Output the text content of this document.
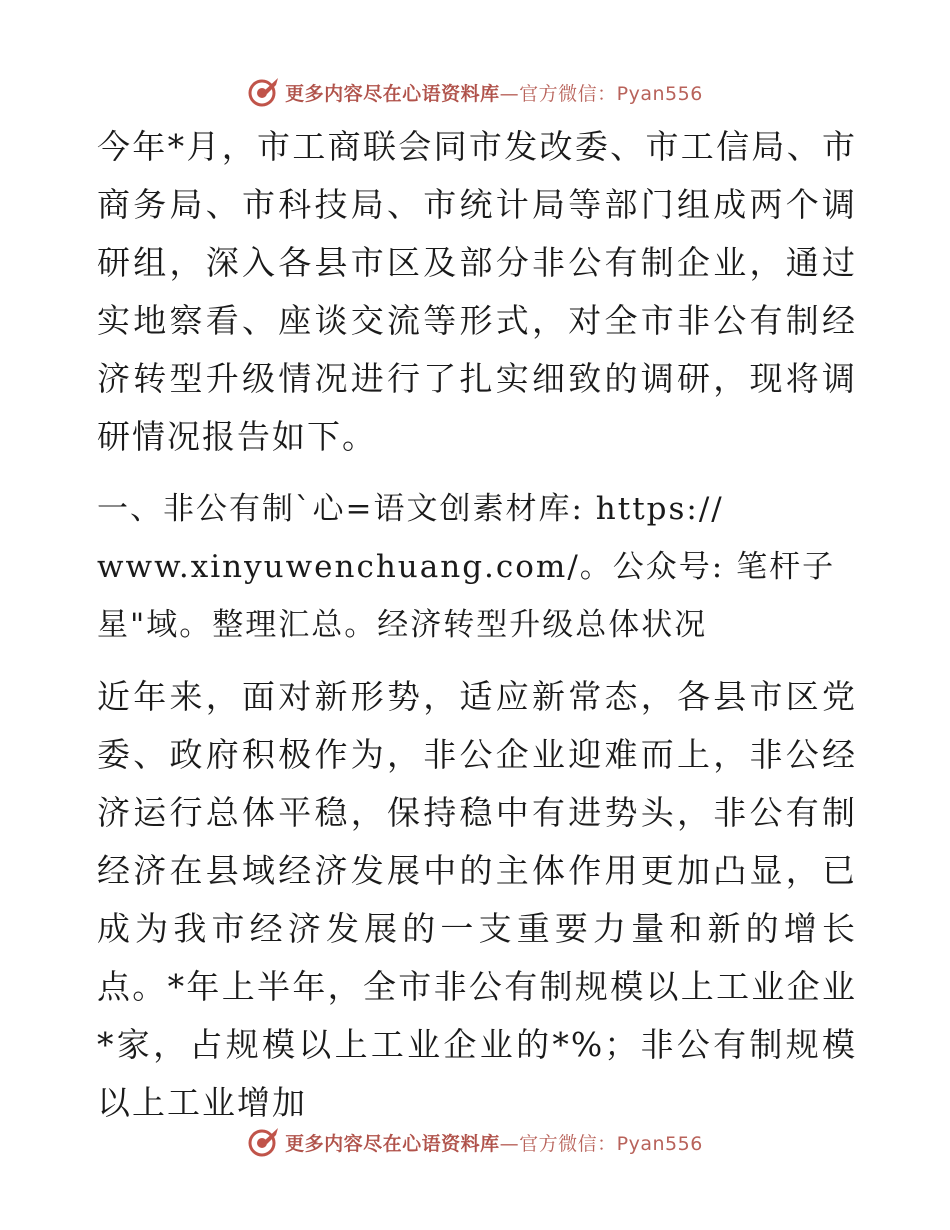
更多内容尽在心语资料库—官方微信：Pyan556

今年*月，市工商联会同市发改委、市工信局、市商务局、市科技局、市统计局等部门组成两个调研组，深入各县市区及部分非公有制企业，通过实地察看、座谈交流等形式，对全市非公有制经济转型升级情况进行了扎实细致的调研，现将调研情况报告如下。

一、非公有制`心=语文创素材库: https://

www.xinyuwenchuang.com/。公众号: 笔杆子

星"域。整理汇总。经济转型升级总体状况

近年来，面对新形势，适应新常态，各县市区党委、政府积极作为，非公企业迎难而上，非公经济运行总体平稳，保持稳中有进势头，非公有制经济在县域经济发展中的主体作用更加凸显，已成为我市经济发展的一支重要力量和新的增长点。*年上半年，全市非公有制规模以上工业企业*家，占规模以上工业企业的*%；非公有制规模以上工业增加

更多内容尽在心语资料库—官方微信：Pyan556
